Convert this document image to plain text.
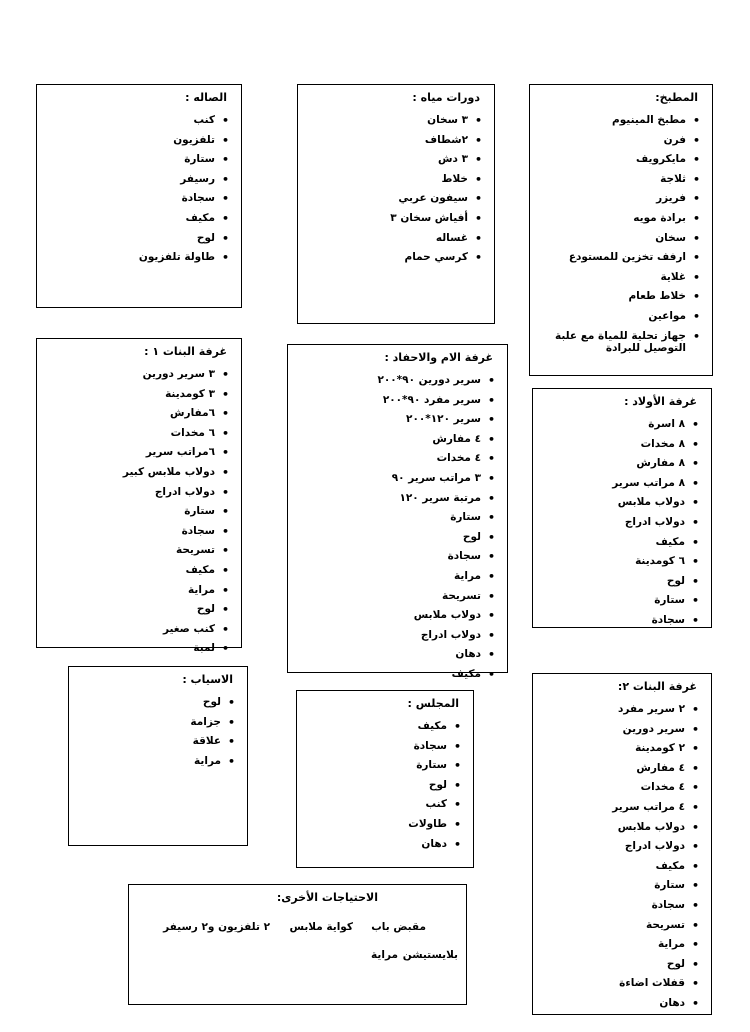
المطبخ:
• مطبخ المينيوم
• فرن
• مايكرويف
• ثلاجة
• فريزر
• برادة مويه
• سخان
• ارفف تخزين للمستودع
• غلاية
• خلاط طعام
• مواعين
• جهاز تحلية للمياة مع علبة التوصيل للبرادة
دورات مياه :
• ٣ سخان
• ٢شطاف
• ٣ دش
• خلاط
• سيفون عربي
• أفياش سخان ٣
• غساله
• كرسي حمام
الصاله :
• كنب
• تلفزيون
• ستارة
• رسيفر
• سجادة
• مكيف
• لوح
• طاولة تلفزيون
غرفة الأولاد :
• ٨ اسرة
• ٨ مخدات
• ٨ مفارش
• ٨ مراتب سرير
• دولاب ملابس
• دولاب ادراج
• مكيف
• ٦ كومدينة
• لوح
• ستارة
• سجادة
غرفة الام والاحفاد :
• سرير دورين ٩٠*٢٠٠
• سرير مفرد ٩٠*٢٠٠
• سرير ١٢٠*٢٠٠
• ٤ مفارش
• ٤ مخدات
• ٣ مراتب سرير ٩٠
• مرتبة سرير ١٢٠
• ستارة
• لوح
• سجادة
• مراية
• تسريحة
• دولاب ملابس
• دولاب ادراج
• دهان
• مكيف
غرفة البنات ١ :
• ٣ سرير دورين
• ٣ كومدينة
• ٦مفارش
• ٦ مخدات
• ٦مراتب سرير
• دولاب ملابس كبير
• دولاب ادراج
• ستارة
• سجادة
• تسريحة
• مكيف
• مراية
• لوح
• كنب صغير
• لمبة
الاسياب :
• لوح
• جزامة
• علاقة
• مراية
المجلس :
• مكيف
• سجادة
• ستارة
• لوح
• كنب
• طاولات
• دهان
غرفة البنات ٢:
• ٢ سرير مفرد
• سرير دورين
• ٢ كومدينة
• ٤ مفارش
• ٤ مخدات
• ٤ مراتب سرير
• دولاب ملابس
• دولاب ادراج
• مكيف
• ستارة
• سجادة
• تسريحة
• مراية
• لوح
• قفلات اضاءة
• دهان
الاحتياجات الأخرى:
مقبض باب
كواية ملابس
٢ تلفزيون و٢ رسيفر
بلايستيشن
مراية
